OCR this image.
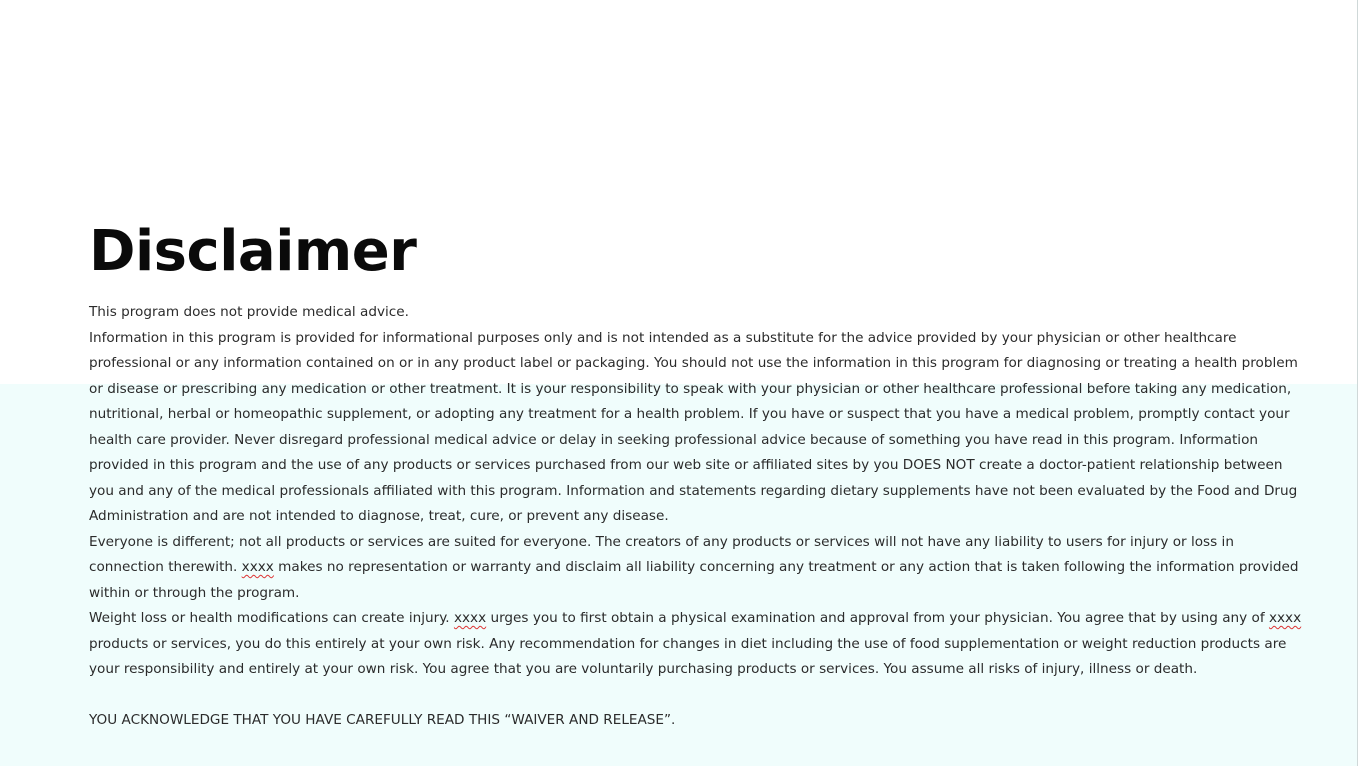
Disclaimer

This program does not provide medical advice.

Information in this program is provided for informational purposes only and is not intended as a substitute for the advice provided by your physician or other healthcare professional or any information contained on or in any product label or packaging. You should not use the information in this program for diagnosing or treating a health problem or disease or prescribing any medication or other treatment. It is your responsibility to speak with your physician or other healthcare professional before taking any medication, nutritional, herbal or homeopathic supplement, or adopting any treatment for a health problem. If you have or suspect that you have a medical problem, promptly contact your health care provider. Never disregard professional medical advice or delay in seeking professional advice because of something you have read in this program. Information provided in this program and the use of any products or services purchased from our web site or affiliated sites by you DOES NOT create a doctor-patient relationship between you and any of the medical professionals affiliated with this program. Information and statements regarding dietary supplements have not been evaluated by the Food and Drug Administration and are not intended to diagnose, treat, cure, or prevent any disease.

Everyone is different; not all products or services are suited for everyone. The creators of any products or services will not have any liability to users for injury or loss in connection therewith. xxxx makes no representation or warranty and disclaim all liability concerning any treatment or any action that is taken following the information provided within or through the program.

Weight loss or health modifications can create injury. xxxx urges you to first obtain a physical examination and approval from your physician. You agree that by using any of xxxx products or services, you do this entirely at your own risk. Any recommendation for changes in diet including the use of food supplementation or weight reduction products are your responsibility and entirely at your own risk. You agree that you are voluntarily purchasing products or services. You assume all risks of injury, illness or death.

YOU ACKNOWLEDGE THAT YOU HAVE CAREFULLY READ THIS “WAIVER AND RELEASE”.
